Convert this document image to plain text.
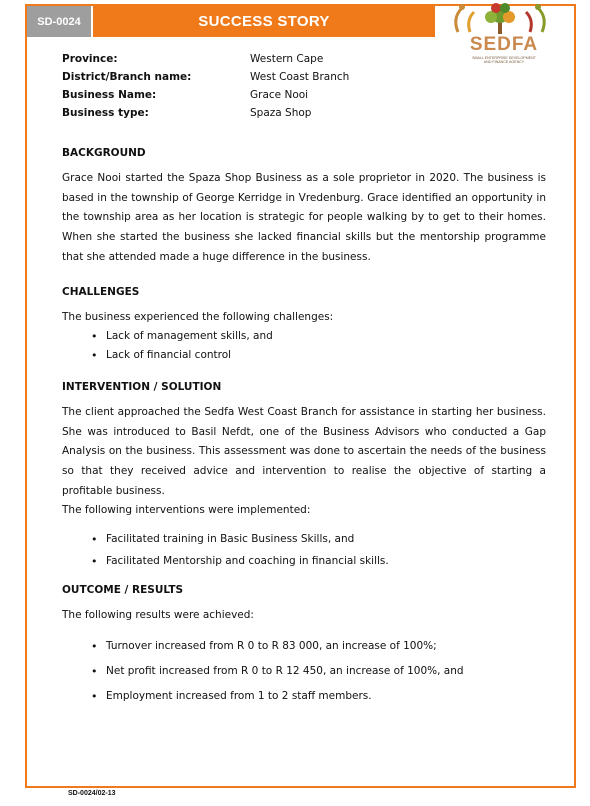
SD-0024	SUCCESS STORY
SEDFA
SMALL ENTERPRISE DEVELOPMENT
AND FINANCE AGENCY
Province:	Western Cape
District/Branch name:	West Coast Branch
Business Name:	Grace Nooi
Business type:	Spaza Shop
BACKGROUND

Grace Nooi started the Spaza Shop Business as a sole proprietor in 2020. The business is based in the township of George Kerridge in Vredenburg. Grace identified an opportunity in the township area as her location is strategic for people walking by to get to their homes. When she started the business she lacked financial skills but the mentorship programme that she attended made a huge difference in the business.

CHALLENGES

The business experienced the following challenges:

• Lack of management skills, and
• Lack of financial control
INTERVENTION / SOLUTION

The client approached the Sedfa West Coast Branch for assistance in starting her business. She was introduced to Basil Nefdt, one of the Business Advisors who conducted a Gap Analysis on the business. This assessment was done to ascertain the needs of the business so that they received advice and intervention to realise the objective of starting a profitable business.

The following interventions were implemented:

• Facilitated training in Basic Business Skills, and
• Facilitated Mentorship and coaching in financial skills.
OUTCOME / RESULTS

The following results were achieved:

• Turnover increased from R 0 to R 83 000, an increase of 100%;
• Net profit increased from R 0 to R 12 450, an increase of 100%, and
• Employment increased from 1 to 2 staff members.
SD-0024/02-13
